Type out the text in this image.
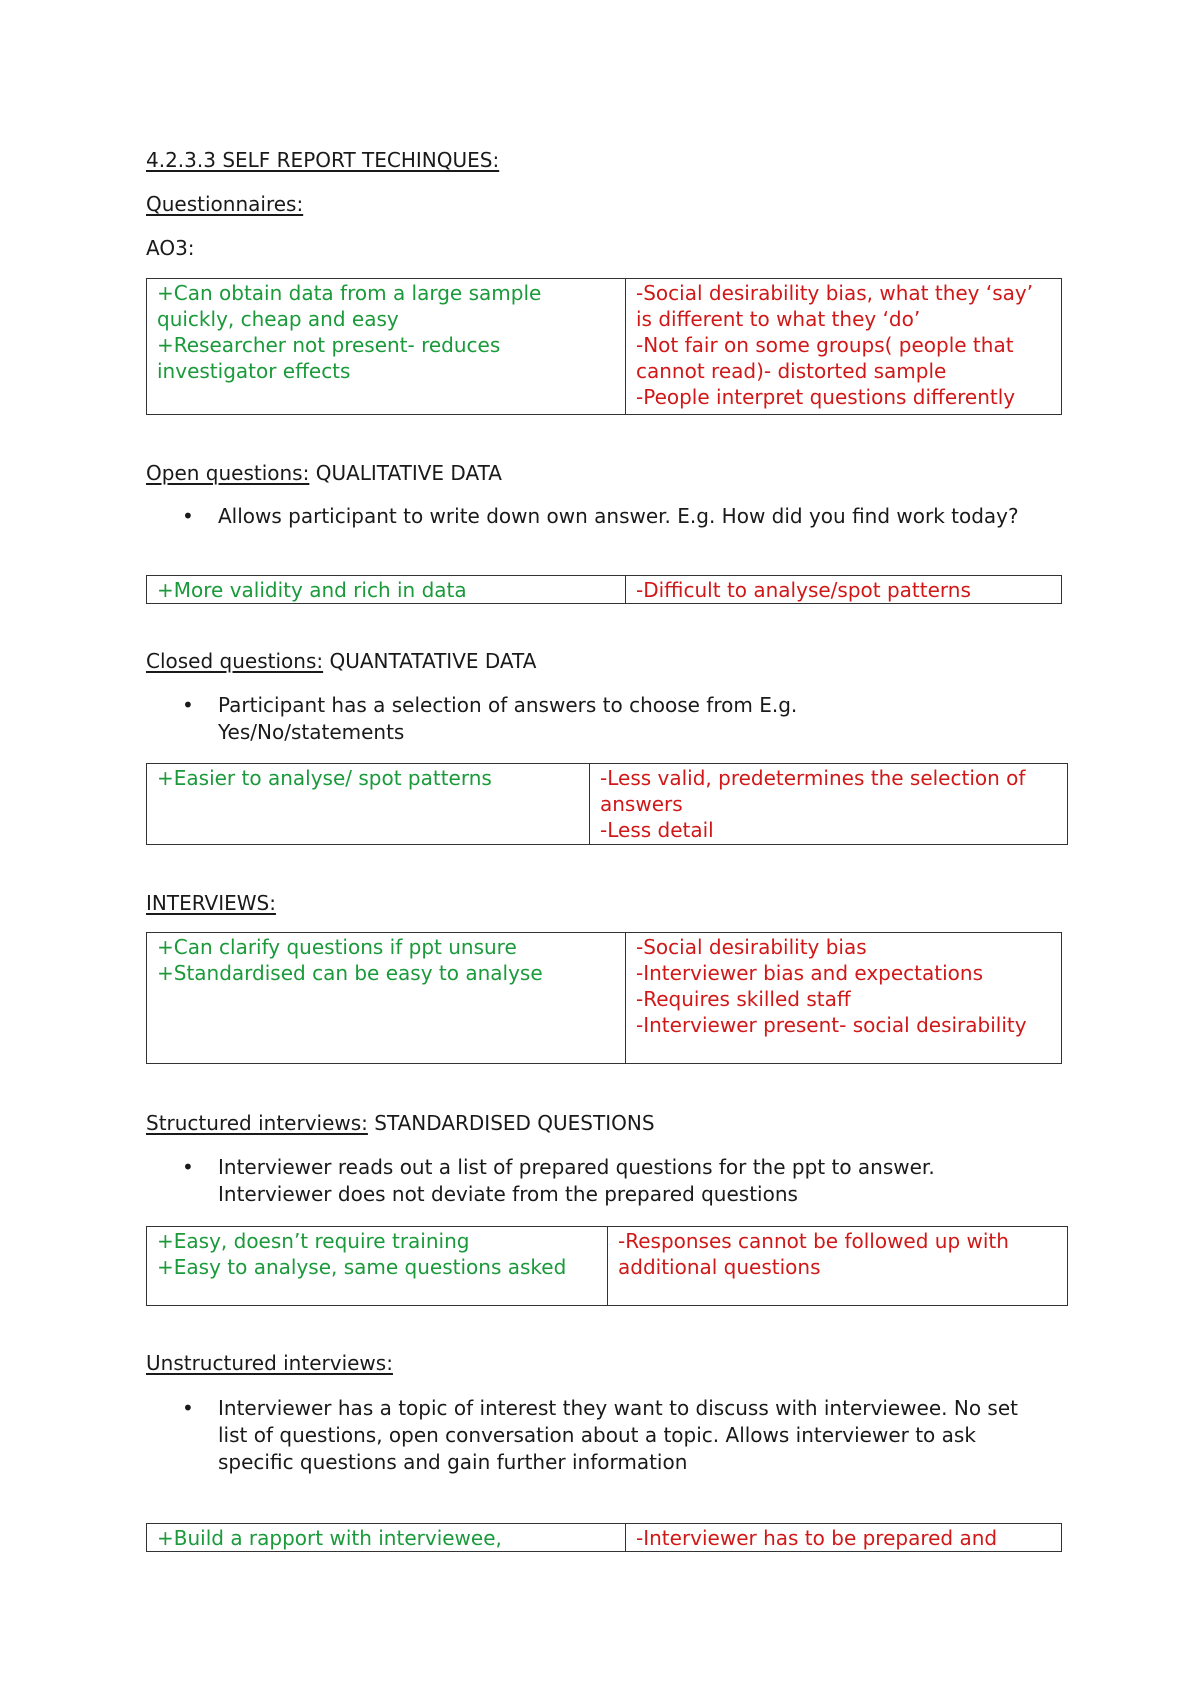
4.2.3.3 SELF REPORT TECHINQUES:
Questionnaires:
AO3:
+Can obtain data from a large sample quickly, cheap and easy
+Researcher not present- reduces investigator effects

-Social desirability bias, what they ‘say’ is different to what they ‘do’
-Not fair on some groups( people that cannot read)- distorted sample
-People interpret questions differently
Open questions: QUALITATIVE DATA
• Allows participant to write down own answer. E.g. How did you find work today?
+More validity and rich in data	-Difficult to analyse/spot patterns
Closed questions: QUANTATATIVE DATA
• Participant has a selection of answers to choose from E.g. Yes/No/statements
+Easier to analyse/ spot patterns	-Less valid, predetermines the selection of answers
-Less detail
INTERVIEWS:
+Can clarify questions if ppt unsure
+Standardised can be easy to analyse

-Social desirability bias
-Interviewer bias and expectations
-Requires skilled staff
-Interviewer present- social desirability
Structured interviews: STANDARDISED QUESTIONS
• Interviewer reads out a list of prepared questions for the ppt to answer. Interviewer does not deviate from the prepared questions
+Easy, doesn’t require training
+Easy to analyse, same questions asked

-Responses cannot be followed up with additional questions
Unstructured interviews:
• Interviewer has a topic of interest they want to discuss with interviewee. No set list of questions, open conversation about a topic. Allows interviewer to ask specific questions and gain further information
+Build a rapport with interviewee,	-Interviewer has to be prepared and
